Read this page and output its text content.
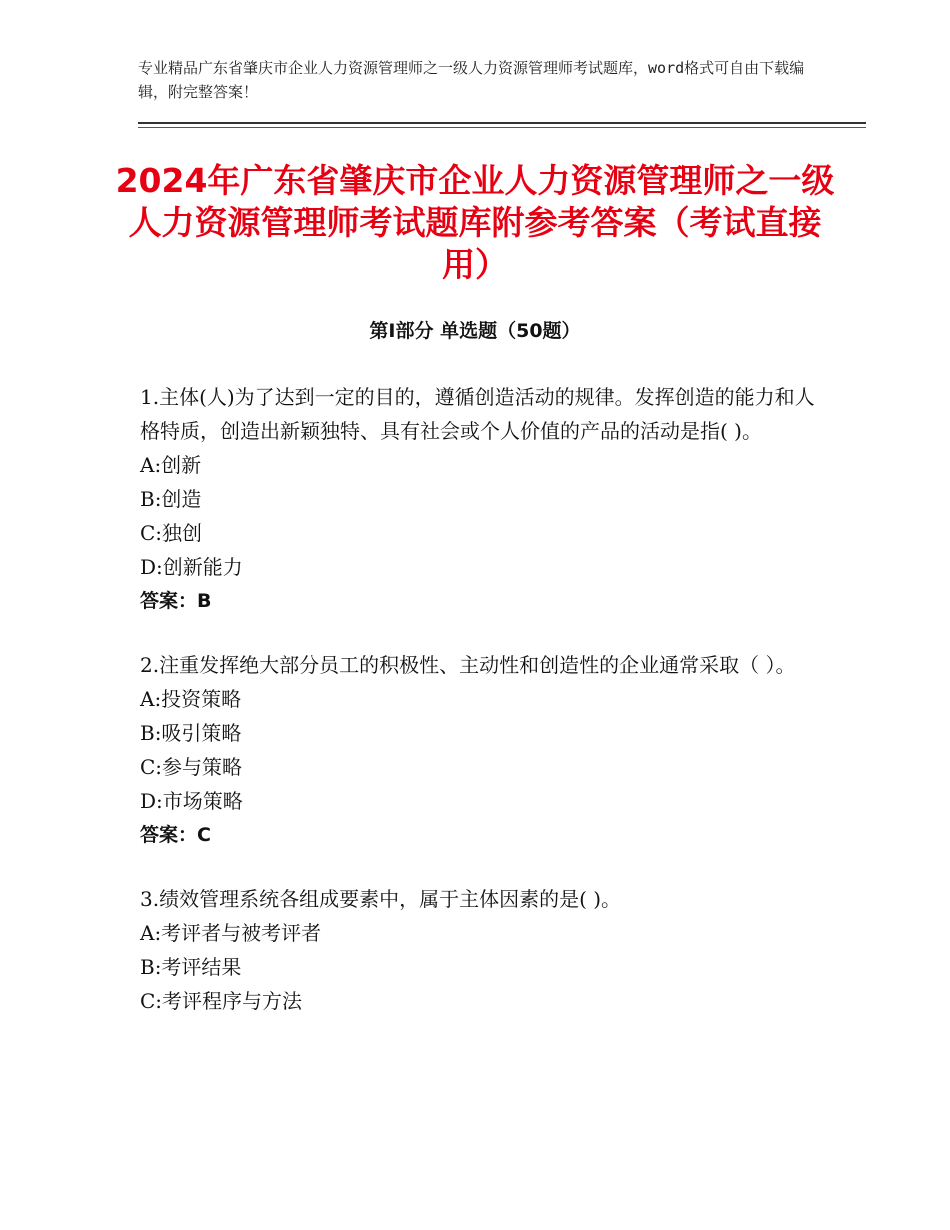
专业精品广东省肇庆市企业人力资源管理师之一级人力资源管理师考试题库，word格式可自由下载编辑，附完整答案！
2024年广东省肇庆市企业人力资源管理师之一级人力资源管理师考试题库附参考答案（考试直接用）
第Ⅰ部分 单选题（50题）
1.主体(人)为了达到一定的目的，遵循创造活动的规律。发挥创造的能力和人格特质，创造出新颖独特、具有社会或个人价值的产品的活动是指( )。
A:创新
B:创造
C:独创
D:创新能力
答案：B
2.注重发挥绝大部分员工的积极性、主动性和创造性的企业通常采取（ ）。
A:投资策略
B:吸引策略
C:参与策略
D:市场策略
答案：C
3.绩效管理系统各组成要素中，属于主体因素的是( )。
A:考评者与被考评者
B:考评结果
C:考评程序与方法
